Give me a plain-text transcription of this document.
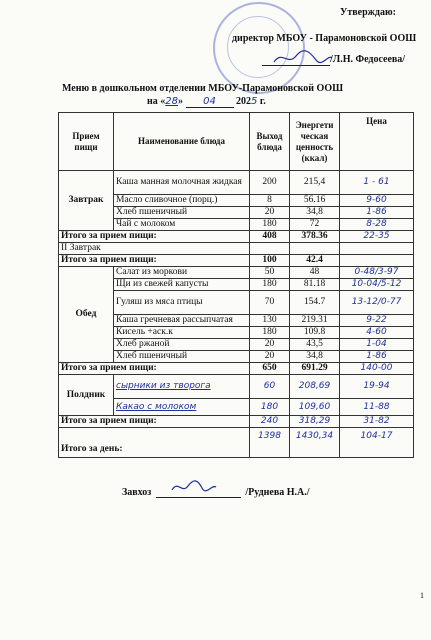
Утверждаю:
директор МБОУ - Парамоновской ООШ
/Л.Н. Федосеева/
Меню в дошкольном отделении МБОУ-Парамоновской ООШ
на «28» 04 2025 г.
Прием пищи	Наименование блюда	Выход блюда	Энергети ческая ценность (ккал)	Цена
Завтрак	Каша манная молочная жидкая	200	215,4	1 - 61
	Масло сливочное (порц.)	8	56.16	9-60
	Хлеб пшеничный	20	34,8	1-86
	Чай с молоком	180	72	8-28
Итого за прием пищи:		408	378.36	22-35
II Завтрак				
Итого за прием пищи:		100	42.4	
Обед	Салат из моркови	50	48	0-48/3-97
	Щи из свежей капусты	180	81.18	10-04/5-12
	Гуляш из мяса птицы	70	154.7	13-12/0-77
	Каша гречневая рассыпчатая	130	219.31	9-22
	Кисель +аск.к	180	109.8	4-60
	Хлеб ржаной	20	43,5	1-04
	Хлеб пшеничный	20	34,8	1-86
Итого за прием пищи:		650	691.29	140-00
Полдник	сырники из творога	60	208,69	19-94
	Какао с молоком	180	109,60	11-88
Итого за прием пищи:		240	318,29	31-82
Итого за день:		1398	1430,34	104-17
Завхоз	/Руднева Н.А./
1
